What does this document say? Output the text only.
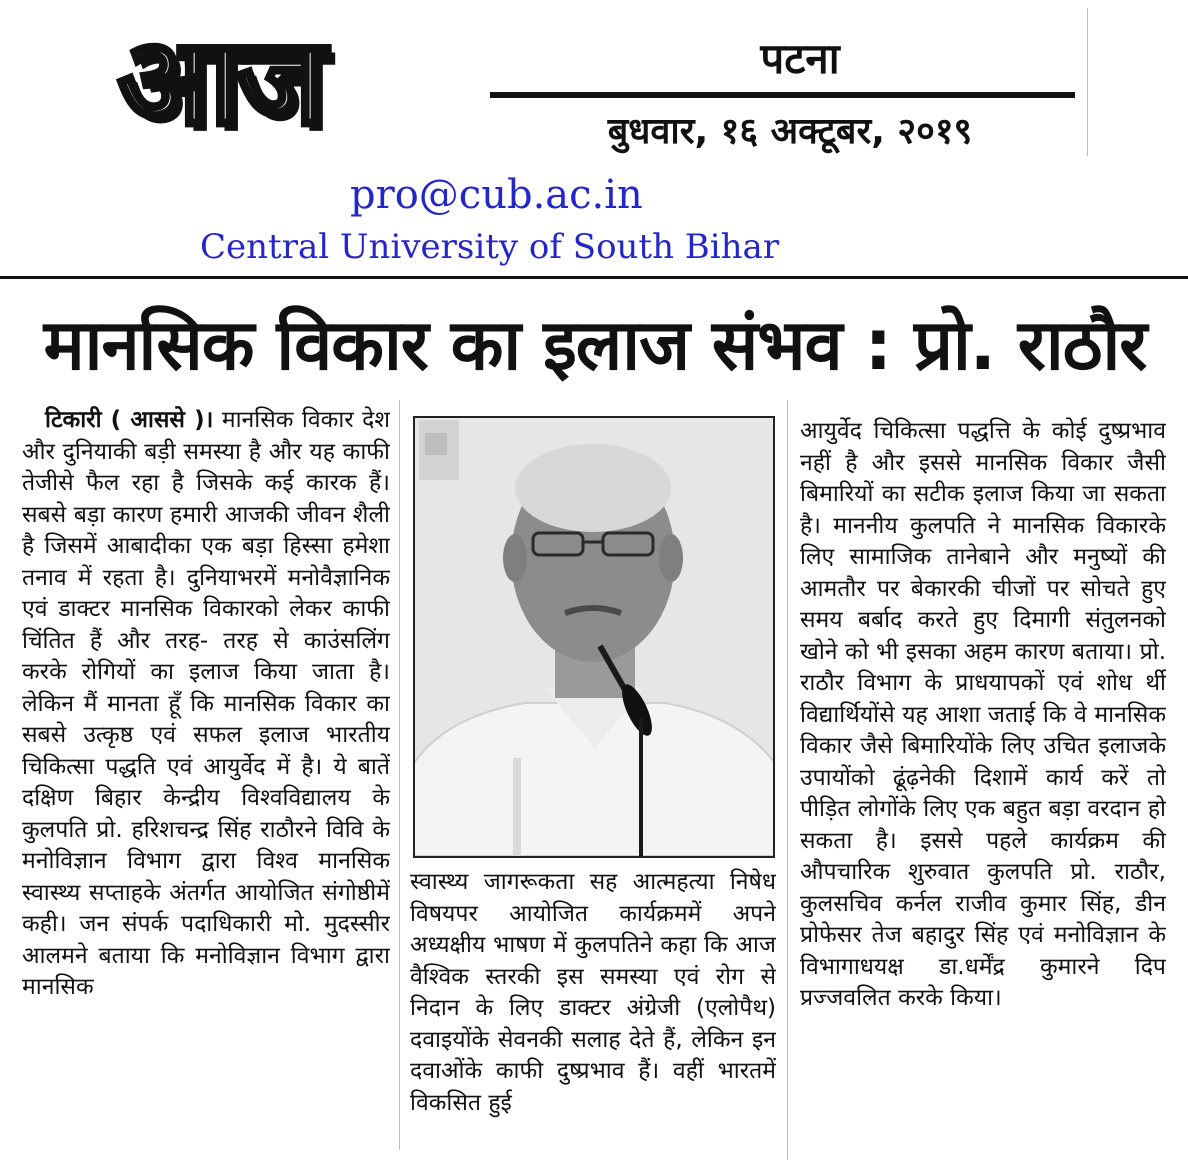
आज	पटना
बुधवार, १६ अक्टूबर, २०१९
pro@cub.ac.in
Central University of South Bihar
मानसिक विकार का इलाज संभव : प्रो. राठौर
 टिकारी ( आससे )। मानसिक विकार देश और दुनियाकी बड़ी समस्या है और यह काफी तेजीसे फैल रहा है जिसके कई कारक हैं। सबसे बड़ा कारण हमारी आजकी जीवन शैली है जिसमें आबादीका एक बड़ा हिस्सा हमेशा तनाव में रहता है। दुनियाभरमें मनोवैज्ञानिक एवं डाक्टर मानसिक विकारको लेकर काफी चिंतित हैं और तरह- तरह से काउंसलिंग करके रोगियों का इलाज किया जाता है। लेकिन मैं मानता हूँ कि मानसिक विकार का सबसे उत्कृष्ठ एवं सफल इलाज भारतीय चिकित्सा पद्धति एवं आयुर्वेद में है। ये बातें दक्षिण बिहार केन्द्रीय विश्वविद्यालय के कुलपति प्रो. हरिशचन्द्र सिंह राठौरने विवि के मनोविज्ञान विभाग द्वारा विश्व मानसिक स्वास्थ्य सप्ताहके अंतर्गत आयोजित संगोष्ठीमें कही। जन संपर्क पदाधिकारी मो. मुदस्सीर आलमने बताया कि मनोविज्ञान विभाग द्वारा मानसिक
स्वास्थ्य जागरूकता सह आत्महत्या निषेध विषयपर आयोजित कार्यक्रममें अपने अध्यक्षीय भाषण में कुलपतिने कहा कि आज वैश्विक स्तरकी इस समस्या एवं रोग से निदान के लिए डाक्टर अंग्रेजी (एलोपैथ) दवाइयोंके सेवनकी सलाह देते हैं, लेकिन इन दवाओंके काफी दुष्प्रभाव हैं। वहीं भारतमें विकसित हुई
आयुर्वेद चिकित्सा पद्धत्ति के कोई दुष्प्रभाव नहीं है और इससे मानसिक विकार जैसी बिमारियों का सटीक इलाज किया जा सकता है। माननीय कुलपति ने मानसिक विकारके लिए सामाजिक तानेबाने और मनुष्यों की आमतौर पर बेकारकी चीजों पर सोचते हुए समय बर्बाद करते हुए दिमागी संतुलनको खोने को भी इसका अहम कारण बताया। प्रो. राठौर विभाग के प्राधयापकों एवं शोध र्थी विद्यार्थियोंसे यह आशा जताई कि वे मानसिक विकार जैसे बिमारियोंके लिए उचित इलाजके उपायोंको ढूंढ़नेकी दिशामें कार्य करें तो पीड़ित लोगोंके लिए एक बहुत बड़ा वरदान हो सकता है। इससे पहले कार्यक्रम की औपचारिक शुरुवात कुलपति प्रो. राठौर, कुलसचिव कर्नल राजीव कुमार सिंह, डीन प्रोफेसर तेज बहादुर सिंह एवं मनोविज्ञान के विभागाधयक्ष डा.धर्मेंद्र कुमारने दिप प्रज्जवलित करके किया।
